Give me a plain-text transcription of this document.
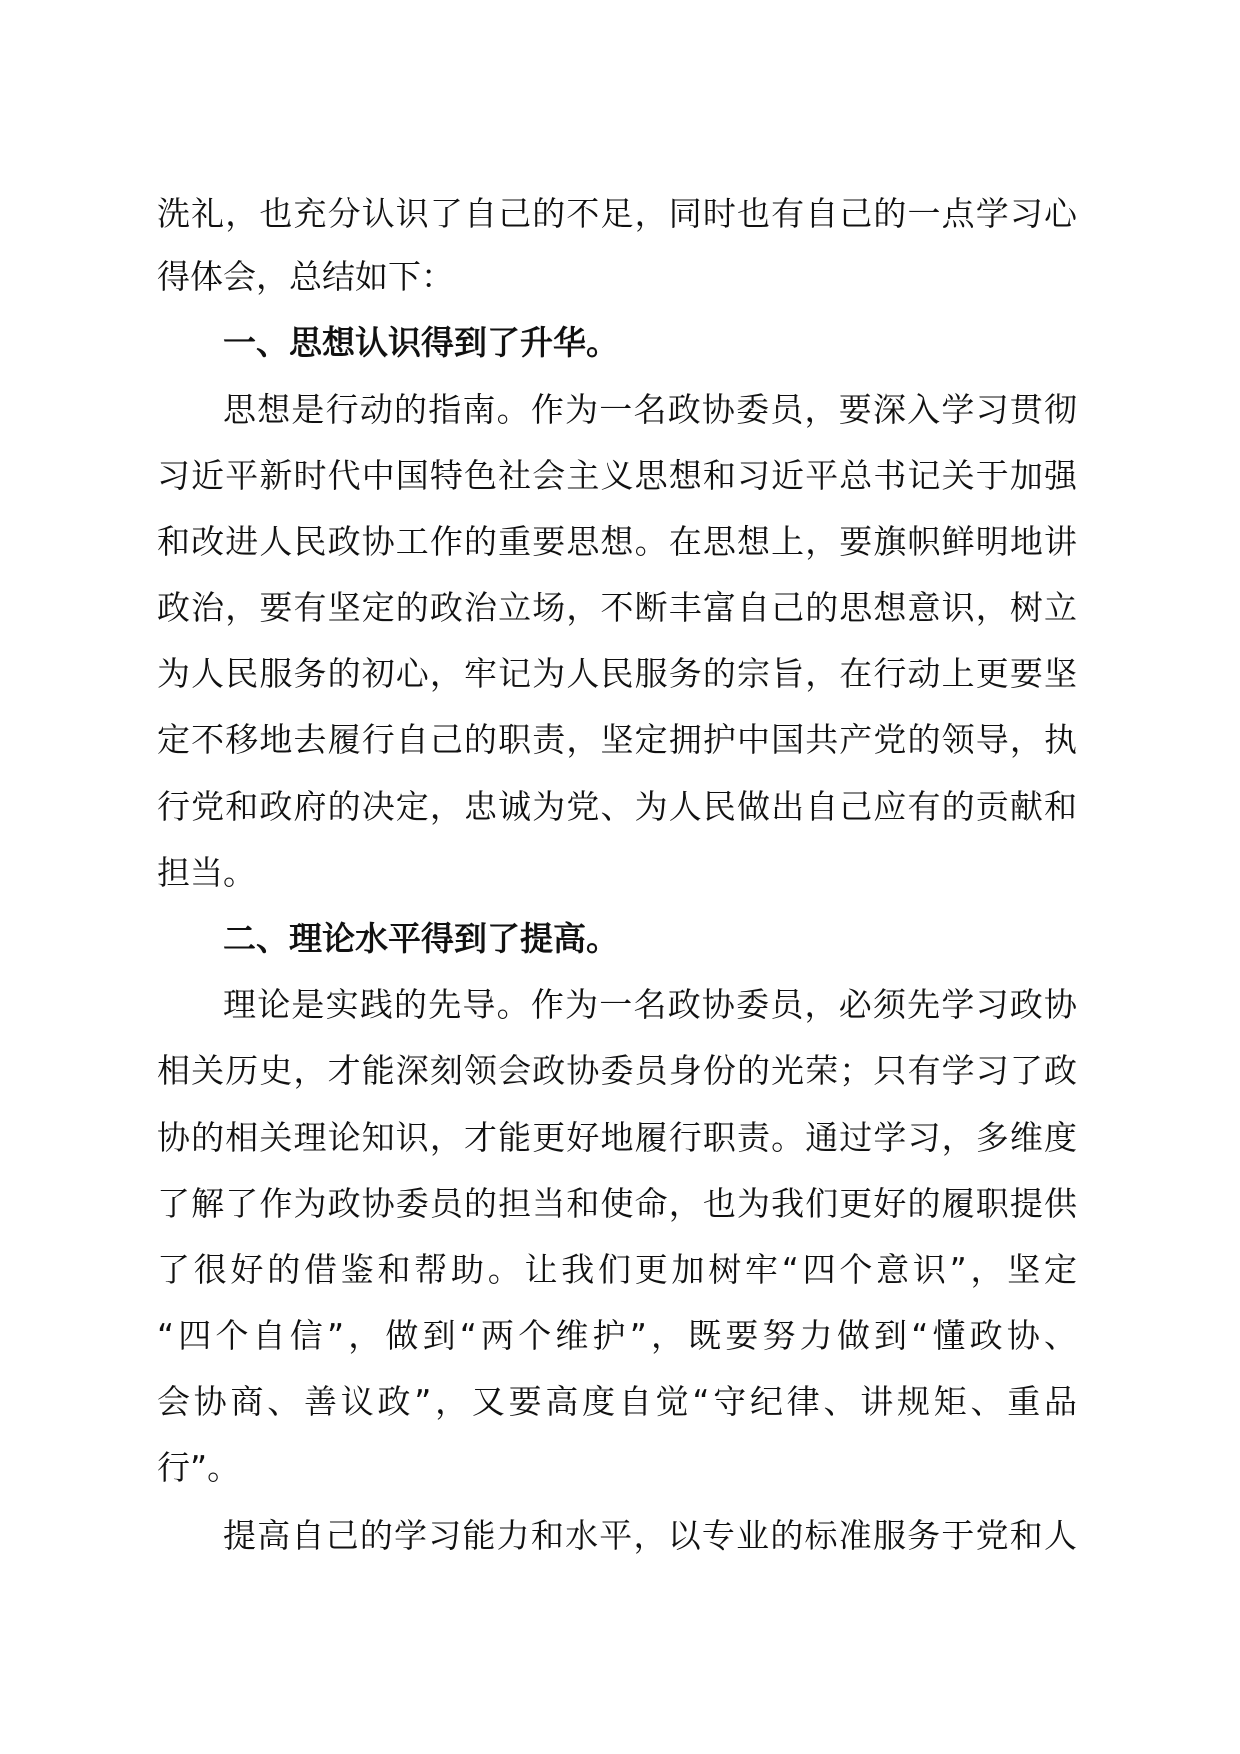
洗礼，也充分认识了自己的不足，同时也有自己的一点学习心
得体会，总结如下：
一、思想认识得到了升华。
思想是行动的指南。作为一名政协委员，要深入学习贯彻
习近平新时代中国特色社会主义思想和习近平总书记关于加强
和改进人民政协工作的重要思想。在思想上，要旗帜鲜明地讲
政治，要有坚定的政治立场，不断丰富自己的思想意识，树立
为人民服务的初心，牢记为人民服务的宗旨，在行动上更要坚
定不移地去履行自己的职责，坚定拥护中国共产党的领导，执
行党和政府的决定，忠诚为党、为人民做出自己应有的贡献和
担当。
二、理论水平得到了提高。
理论是实践的先导。作为一名政协委员，必须先学习政协
相关历史，才能深刻领会政协委员身份的光荣；只有学习了政
协的相关理论知识，才能更好地履行职责。通过学习，多维度
了解了作为政协委员的担当和使命，也为我们更好的履职提供
了很好的借鉴和帮助。让我们更加树牢“四个意识”，坚定
“四个自信”，做到“两个维护”，既要努力做到“懂政协、
会协商、善议政”，又要高度自觉“守纪律、讲规矩、重品
行”。
提高自己的学习能力和水平，以专业的标准服务于党和人
